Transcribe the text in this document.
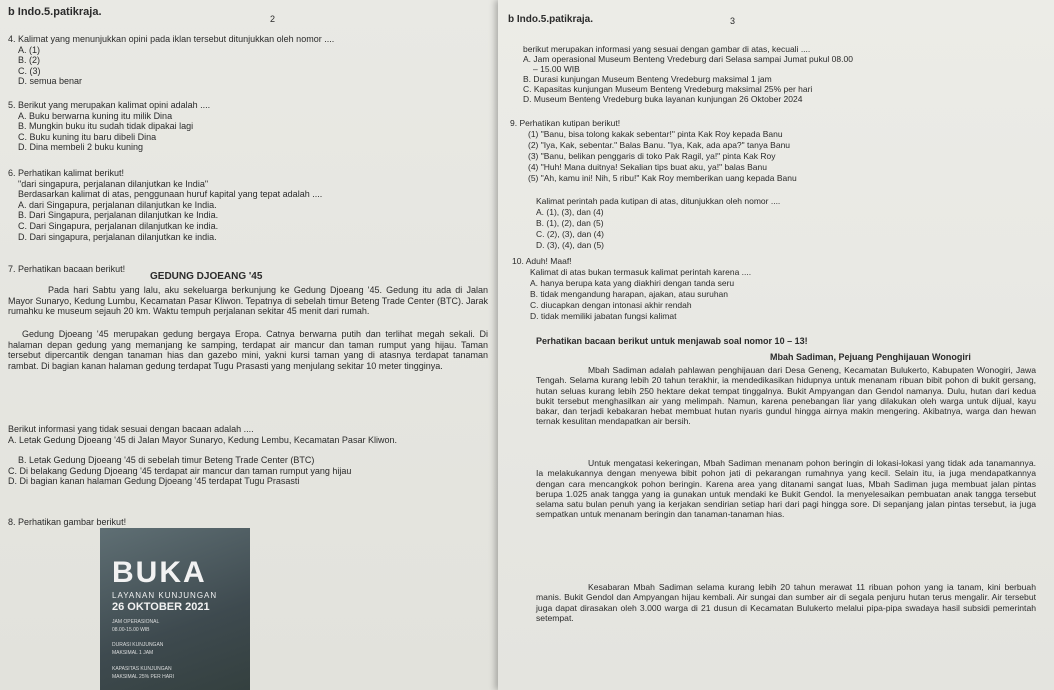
b Indo.5.patikraja.
2
4. Kalimat yang menunjukkan opini pada iklan tersebut ditunjukkan oleh nomor ....
A. (1)
B. (2)
C. (3)
D. semua benar
5. Berikut yang merupakan kalimat opini adalah ....
A. Buku berwarna kuning itu milik Dina
B. Mungkin buku itu sudah tidak dipakai lagi
C. Buku kuning itu baru dibeli Dina
D. Dina membeli 2 buku kuning
6. Perhatikan kalimat berikut!
"dari singapura, perjalanan dilanjutkan ke India"
Berdasarkan kalimat di atas, penggunaan huruf kapital yang tepat adalah ....
A. dari Singapura, perjalanan dilanjutkan ke India.
B. Dari Singapura, perjalanan dilanjutkan ke India.
C. Dari Singapura, perjalanan dilanjutkan ke india.
D. Dari singapura, perjalanan dilanjutkan ke india.
7. Perhatikan bacaan berikut!
GEDUNG DJOEANG '45
Pada hari Sabtu yang lalu, aku sekeluarga berkunjung ke Gedung Djoeang '45. Gedung itu ada di Jalan Mayor Sunaryo, Kedung Lumbu, Kecamatan Pasar Kliwon. Tepatnya di sebelah timur Beteng Trade Center (BTC). Jarak rumahku ke museum sejauh 20 km. Waktu tempuh perjalanan sekitar 45 menit dari rumah.
Gedung Djoeang '45 merupakan gedung bergaya Eropa. Catnya berwarna putih dan terlihat megah sekali. Di halaman depan gedung yang memanjang ke samping, terdapat air mancur dan taman rumput yang hijau. Taman tersebut dipercantik dengan tanaman hias dan gazebo mini, yakni kursi taman yang di atasnya terdapat tanaman rambat. Di bagian kanan halaman gedung terdapat Tugu Prasasti yang menjulang sekitar 10 meter tingginya.
Berikut informasi yang tidak sesuai dengan bacaan adalah ....
A. Letak Gedung Djoeang '45 di Jalan Mayor Sunaryo, Kedung Lembu, Kecamatan Pasar Kliwon.
B. Letak Gedung Djoeang '45 di sebelah timur Beteng Trade Center (BTC)
C. Di belakang Gedung Djoeang '45 terdapat air mancur dan taman rumput yang hijau
D. Di bagian kanan halaman Gedung Djoeang '45 terdapat Tugu Prasasti
8. Perhatikan gambar berikut!
BUKA
LAYANAN KUNJUNGAN
26 OKTOBER 2021
JAM OPERASIONAL
08.00-15.00 WIB
DURASI KUNJUNGAN
MAKSIMAL 1 JAM
KAPASITAS KUNJUNGAN
MAKSIMAL 25% PER HARI
b Indo.5.patikraja.	3
berikut merupakan informasi yang sesuai dengan gambar di atas, kecuali ....
A. Jam operasional Museum Benteng Vredeburg dari Selasa sampai Jumat pukul 08.00
– 15.00 WIB
B. Durasi kunjungan Museum Benteng Vredeburg maksimal 1 jam
C. Kapasitas kunjungan Museum Benteng Vredeburg maksimal 25% per hari
D. Museum Benteng Vredeburg buka layanan kunjungan 26 Oktober 2024
9. Perhatikan kutipan berikut!
(1) "Banu, bisa tolong kakak sebentar!" pinta Kak Roy kepada Banu
(2) "Iya, Kak, sebentar." Balas Banu. "Iya, Kak, ada apa?" tanya Banu
(3) "Banu, belikan penggaris di toko Pak Ragil, ya!" pinta Kak Roy
(4) "Huh! Mana duitnya! Sekalian tips buat aku, ya!" balas Banu
(5) "Ah, kamu ini! Nih, 5 ribu!" Kak Roy memberikan uang kepada Banu
Kalimat perintah pada kutipan di atas, ditunjukkan oleh nomor ....
A. (1), (3), dan (4)
B. (1), (2), dan (5)
C. (2), (3), dan (4)
D. (3), (4), dan (5)
10. Aduh! Maaf!
Kalimat di atas bukan termasuk kalimat perintah karena ....
A. hanya berupa kata yang diakhiri dengan tanda seru
B. tidak mengandung harapan, ajakan, atau suruhan
C. diucapkan dengan intonasi akhir rendah
D. tidak memiliki jabatan fungsi kalimat
Perhatikan bacaan berikut untuk menjawab soal nomor 10 – 13!
Mbah Sadiman, Pejuang Penghijauan Wonogiri
Mbah Sadiman adalah pahlawan penghijauan dari Desa Geneng, Kecamatan Bulukerto, Kabupaten Wonogiri, Jawa Tengah. Selama kurang lebih 20 tahun terakhir, ia mendedikasikan hidupnya untuk menanam ribuan bibit pohon di bukit gersang, hutan seluas kurang lebih 250 hektare dekat tempat tinggalnya. Bukit Ampyangan dan Gendol namanya. Dulu, hutan dari kedua bukit tersebut menghasilkan air yang melimpah. Namun, karena penebangan liar yang dilakukan oleh warga untuk dijual, kayu bakar, dan terjadi kebakaran hebat membuat hutan nyaris gundul hingga airnya makin mengering. Akibatnya, warga dan hewan ternak kesulitan mendapatkan air bersih.
Untuk mengatasi kekeringan, Mbah Sadiman menanam pohon beringin di lokasi-lokasi yang tidak ada tanamannya. Ia melakukannya dengan menyewa bibit pohon jati di pekarangan rumahnya yang kecil. Selain itu, ia juga mendapatkannya dengan cara mencangkok pohon beringin. Karena area yang ditanami sangat luas, Mbah Sadiman juga membuat jalan pintas berupa 1.025 anak tangga yang ia gunakan untuk mendaki ke Bukit Gendol. Ia menyelesaikan pembuatan anak tangga tersebut selama satu bulan penuh yang ia kerjakan sendirian setiap hari dari pagi hingga sore. Di sepanjang jalan pintas tersebut, ia juga sempatkan untuk menanam beringin dan tanaman-tanaman hias.
Kesabaran Mbah Sadiman selama kurang lebih 20 tahun merawat 11 ribuan pohon yang ia tanam, kini berbuah manis. Bukit Gendol dan Ampyangan hijau kembali. Air sungai dan sumber air di segala penjuru hutan terus mengalir. Air tersebut juga dapat dirasakan oleh 3.000 warga di 21 dusun di Kecamatan Bulukerto melalui pipa-pipa swadaya hasil subsidi pemerintah setempat.
